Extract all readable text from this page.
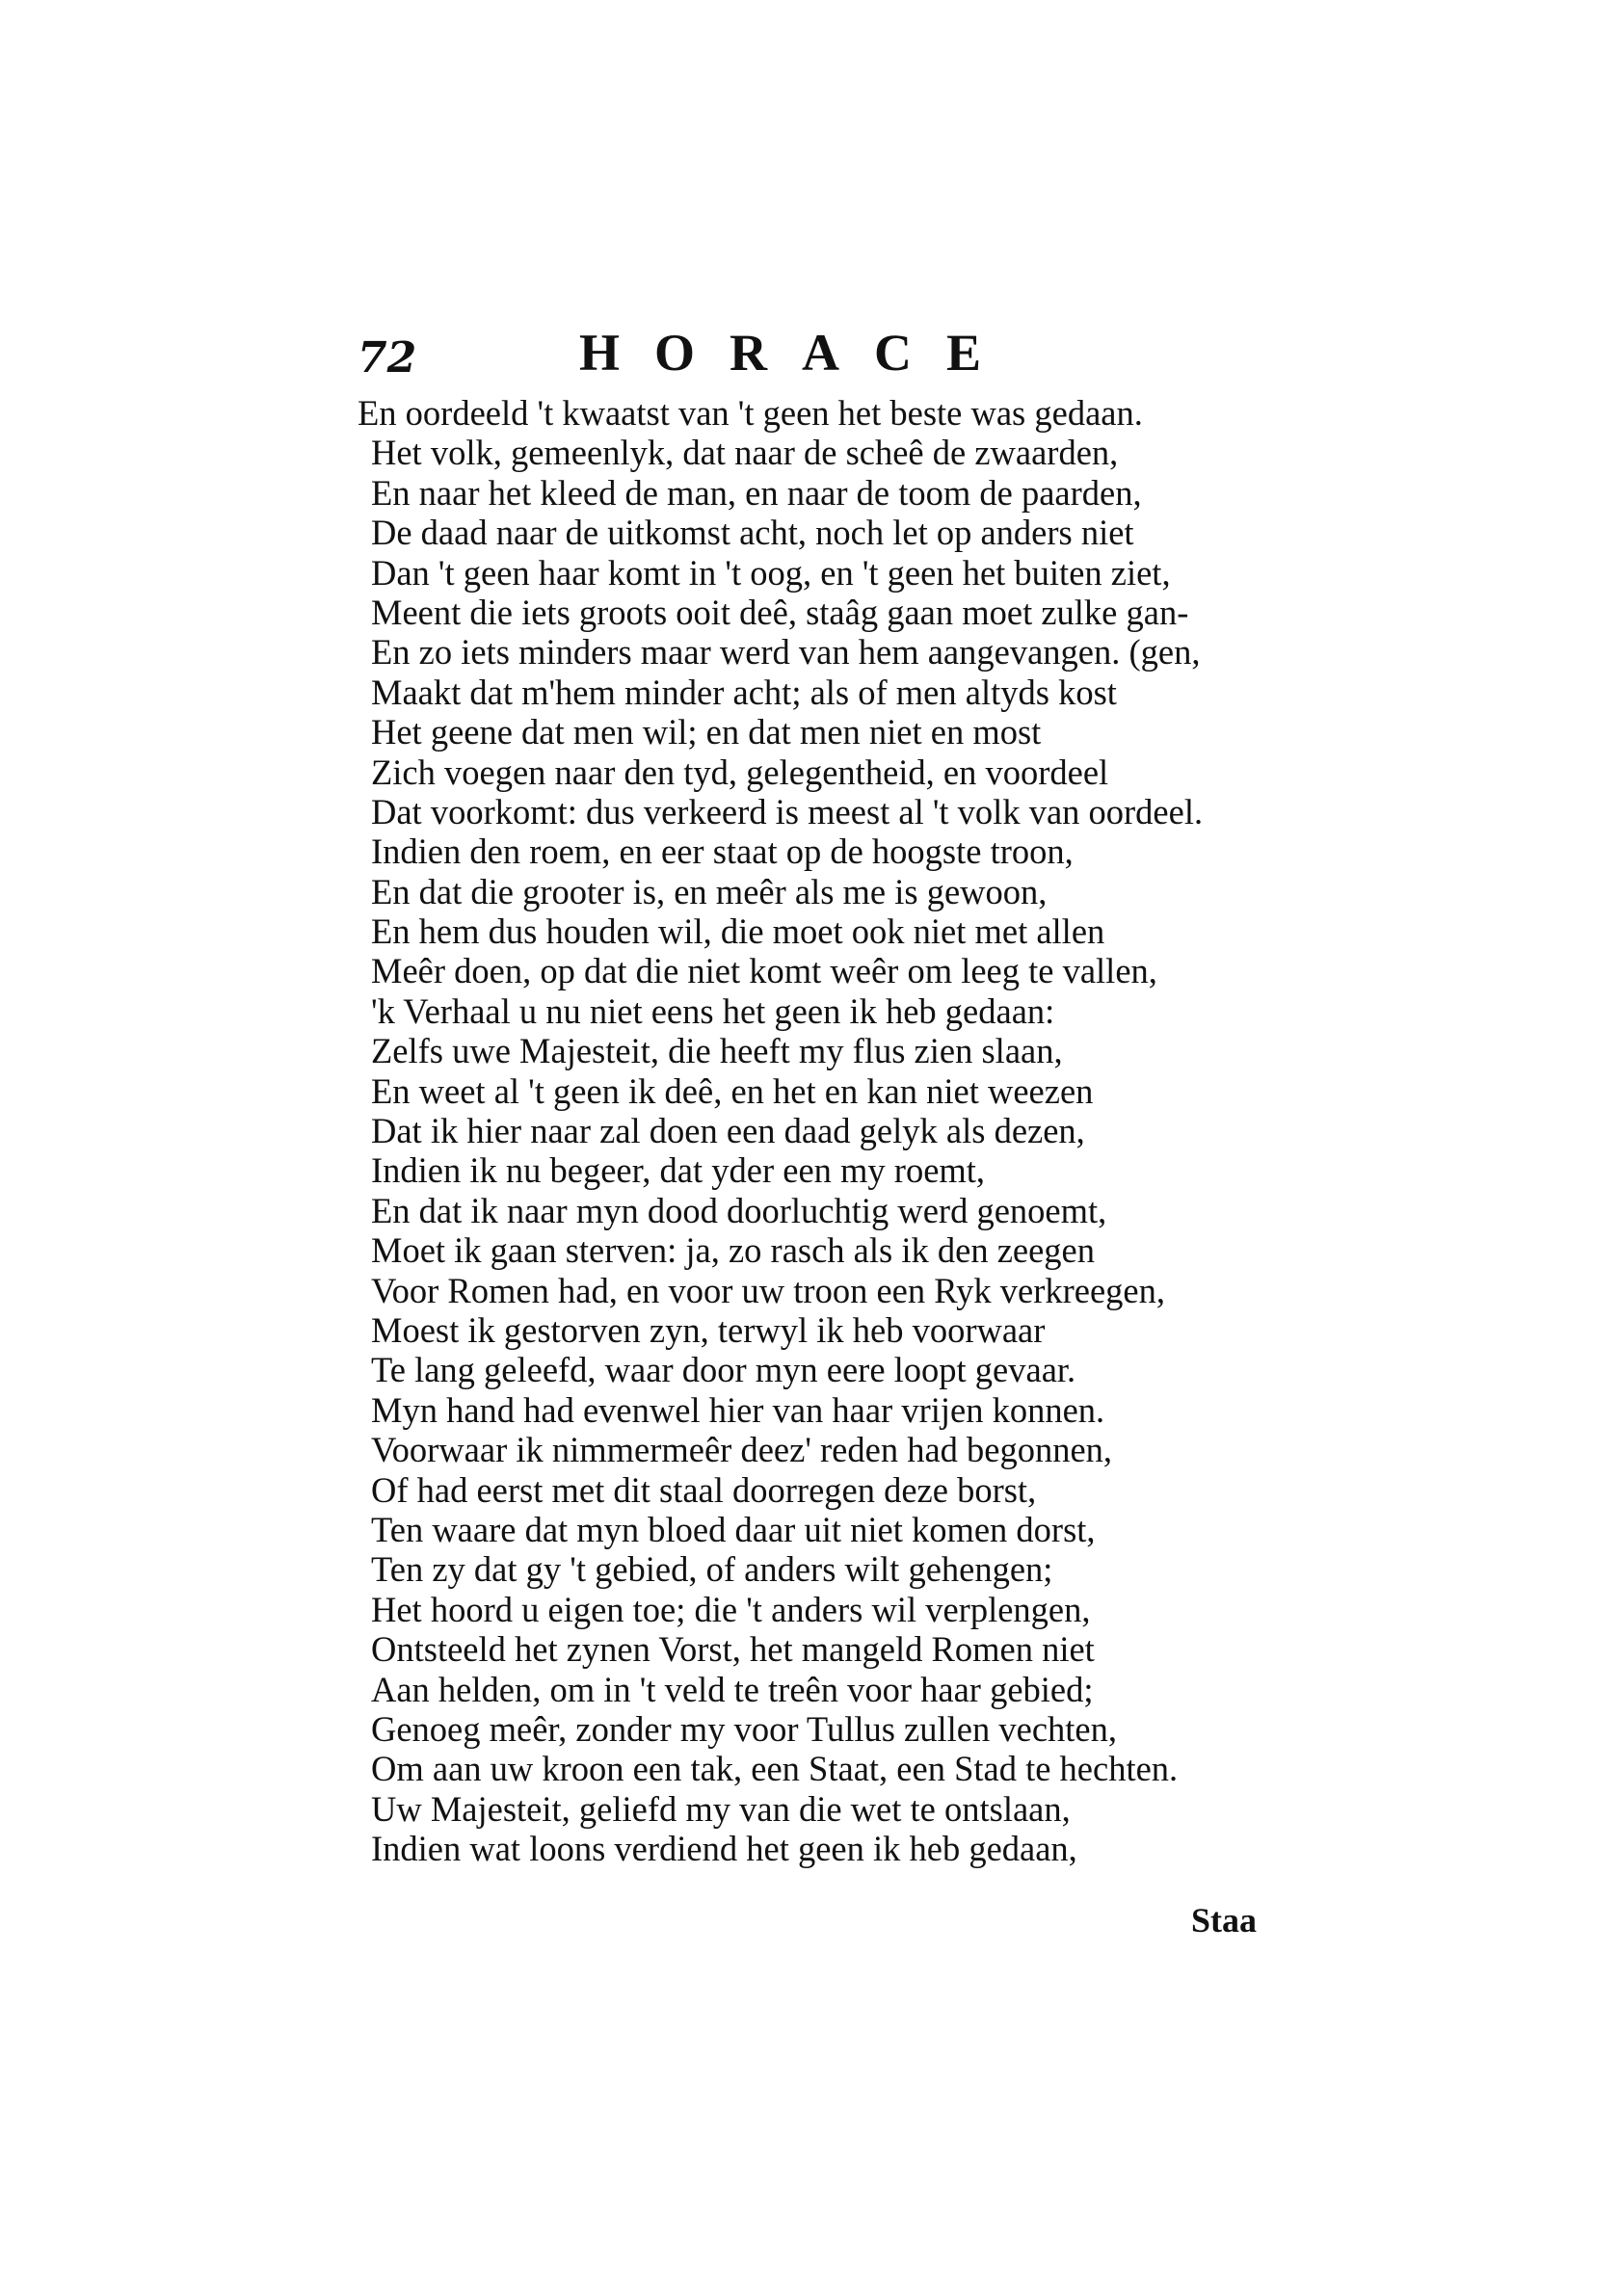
72	HORACE
En oordeeld 't kwaatst van 't geen het beste was gedaan.
Het volk, gemeenlyk, dat naar de scheê de zwaarden,
En naar het kleed de man, en naar de toom de paarden,
De daad naar de uitkomst acht, noch let op anders niet
Dan 't geen haar komt in 't oog, en 't geen het buiten ziet,
Meent die iets groots ooit deê, staâg gaan moet zulke gan-
En zo iets minders maar werd van hem aangevangen. (gen,
Maakt dat m'hem minder acht; als of men altyds kost
Het geene dat men wil; en dat men niet en most
Zich voegen naar den tyd, gelegentheid, en voordeel
Dat voorkomt: dus verkeerd is meest al 't volk van oordeel.
Indien den roem, en eer staat op de hoogste troon,
En dat die grooter is, en meêr als me is gewoon,
En hem dus houden wil, die moet ook niet met allen
Meêr doen, op dat die niet komt weêr om leeg te vallen,
'k Verhaal u nu niet eens het geen ik heb gedaan:
Zelfs uwe Majesteit, die heeft my flus zien slaan,
En weet al 't geen ik deê, en het en kan niet weezen
Dat ik hier naar zal doen een daad gelyk als dezen,
Indien ik nu begeer, dat yder een my roemt,
En dat ik naar myn dood doorluchtig werd genoemt,
Moet ik gaan sterven: ja, zo rasch als ik den zeegen
Voor Romen had, en voor uw troon een Ryk verkreegen,
Moest ik gestorven zyn, terwyl ik heb voorwaar
Te lang geleefd, waar door myn eere loopt gevaar.
Myn hand had evenwel hier van haar vrijen konnen.
Voorwaar ik nimmermeêr deez' reden had begonnen,
Of had eerst met dit staal doorregen deze borst,
Ten waare dat myn bloed daar uit niet komen dorst,
Ten zy dat gy 't gebied, of anders wilt gehengen;
Het hoord u eigen toe; die 't anders wil verplengen,
Ontsteeld het zynen Vorst, het mangeld Romen niet
Aan helden, om in 't veld te treên voor haar gebied;
Genoeg meêr, zonder my voor Tullus zullen vechten,
Om aan uw kroon een tak, een Staat, een Stad te hechten.
Uw Majesteit, geliefd my van die wet te ontslaan,
Indien wat loons verdiend het geen ik heb gedaan,
Staa
